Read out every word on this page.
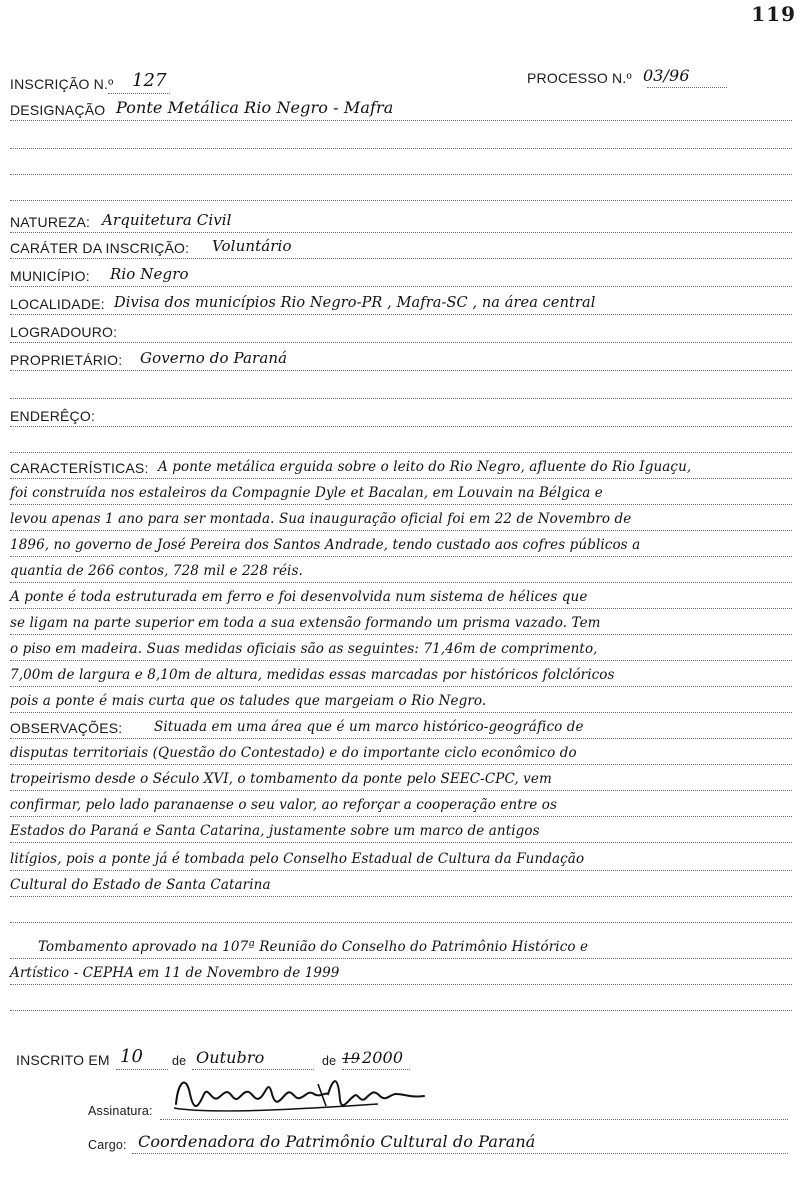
119
INSCRIÇÃO N.º 127	PROCESSO N.º 03/96
DESIGNAÇÃO Ponte Metálica Rio Negro - Mafra
NATUREZA: Arquitetura Civil
CARÁTER DA INSCRIÇÃO: Voluntário
MUNICÍPIO: Rio Negro
LOCALIDADE: Divisa dos municípios Rio Negro-PR , Mafra-SC , na área central
LOGRADOURO:
PROPRIETÁRIO: Governo do Paraná
ENDERÊÇO:
CARACTERÍSTICAS: A ponte metálica erguida sobre o leito do Rio Negro, afluente do Rio Iguaçu,
foi construída nos estaleiros da Compagnie Dyle et Bacalan, em Louvain na Bélgica e
levou apenas 1 ano para ser montada. Sua inauguração oficial foi em 22 de Novembro de
1896, no governo de José Pereira dos Santos Andrade, tendo custado aos cofres públicos a
quantia de 266 contos, 728 mil e 228 réis.
A ponte é toda estruturada em ferro e foi desenvolvida num sistema de hélices que
se ligam na parte superior em toda a sua extensão formando um prisma vazado. Tem
o piso em madeira. Suas medidas oficiais são as seguintes: 71,46m de comprimento,
7,00m de largura e 8,10m de altura, medidas essas marcadas por históricos folclóricos
pois a ponte é mais curta que os taludes que margeiam o Rio Negro.
OBSERVAÇÕES: Situada em uma área que é um marco histórico-geográfico de
disputas territoriais (Questão do Contestado) e do importante ciclo econômico do
tropeirismo desde o Século XVI, o tombamento da ponte pelo SEEC-CPC, vem
confirmar, pelo lado paranaense o seu valor, ao reforçar a cooperação entre os
Estados do Paraná e Santa Catarina, justamente sobre um marco de antigos
litígios, pois a ponte já é tombada pelo Conselho Estadual de Cultura da Fundação
Cultural do Estado de Santa Catarina
Tombamento aprovado na 107ª Reunião do Conselho do Patrimônio Histórico e
Artístico - CEPHA em 11 de Novembro de 1999
INSCRITO EM 10 de Outubro	de 19 2000
Assinatura:
Cargo: Coordenadora do Patrimônio Cultural do Paraná
